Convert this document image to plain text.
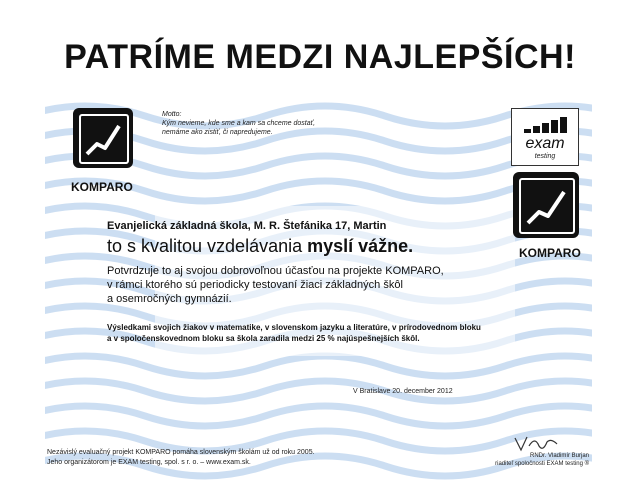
PATRÍME MEDZI NAJLEPŠÍCH!
KOMPARO
Motto:
Kým nevieme, kde sme a kam sa chceme dostať,
nemáme ako zistiť, či napredujeme.
exam
testing
KOMPARO
Evanjelická základná škola, M. R. Štefánika 17, Martin
to s kvalitou vzdelávania myslí vážne.
Potvrdzuje to aj svojou dobrovoľnou účasťou na projekte KOMPARO,
v rámci ktorého sú periodicky testovaní žiaci základných škôl
a osemročných gymnázií.
Výsledkami svojich žiakov v matematike, v slovenskom jazyku a literatúre, v prírodovednom bloku
a v spoločenskovednom bloku sa škola zaradila medzi 25 % najúspešnejších škôl.
V Bratislave 20. december 2012
Nezávislý evaluačný projekt KOMPARO pomáha slovenským školám už od roku 2005.
Jeho organizátorom je EXAM testing, spol. s r. o. – www.exam.sk.
RNDr. Vladimír Burjan
riaditeľ spoločnosti EXAM testing ®
